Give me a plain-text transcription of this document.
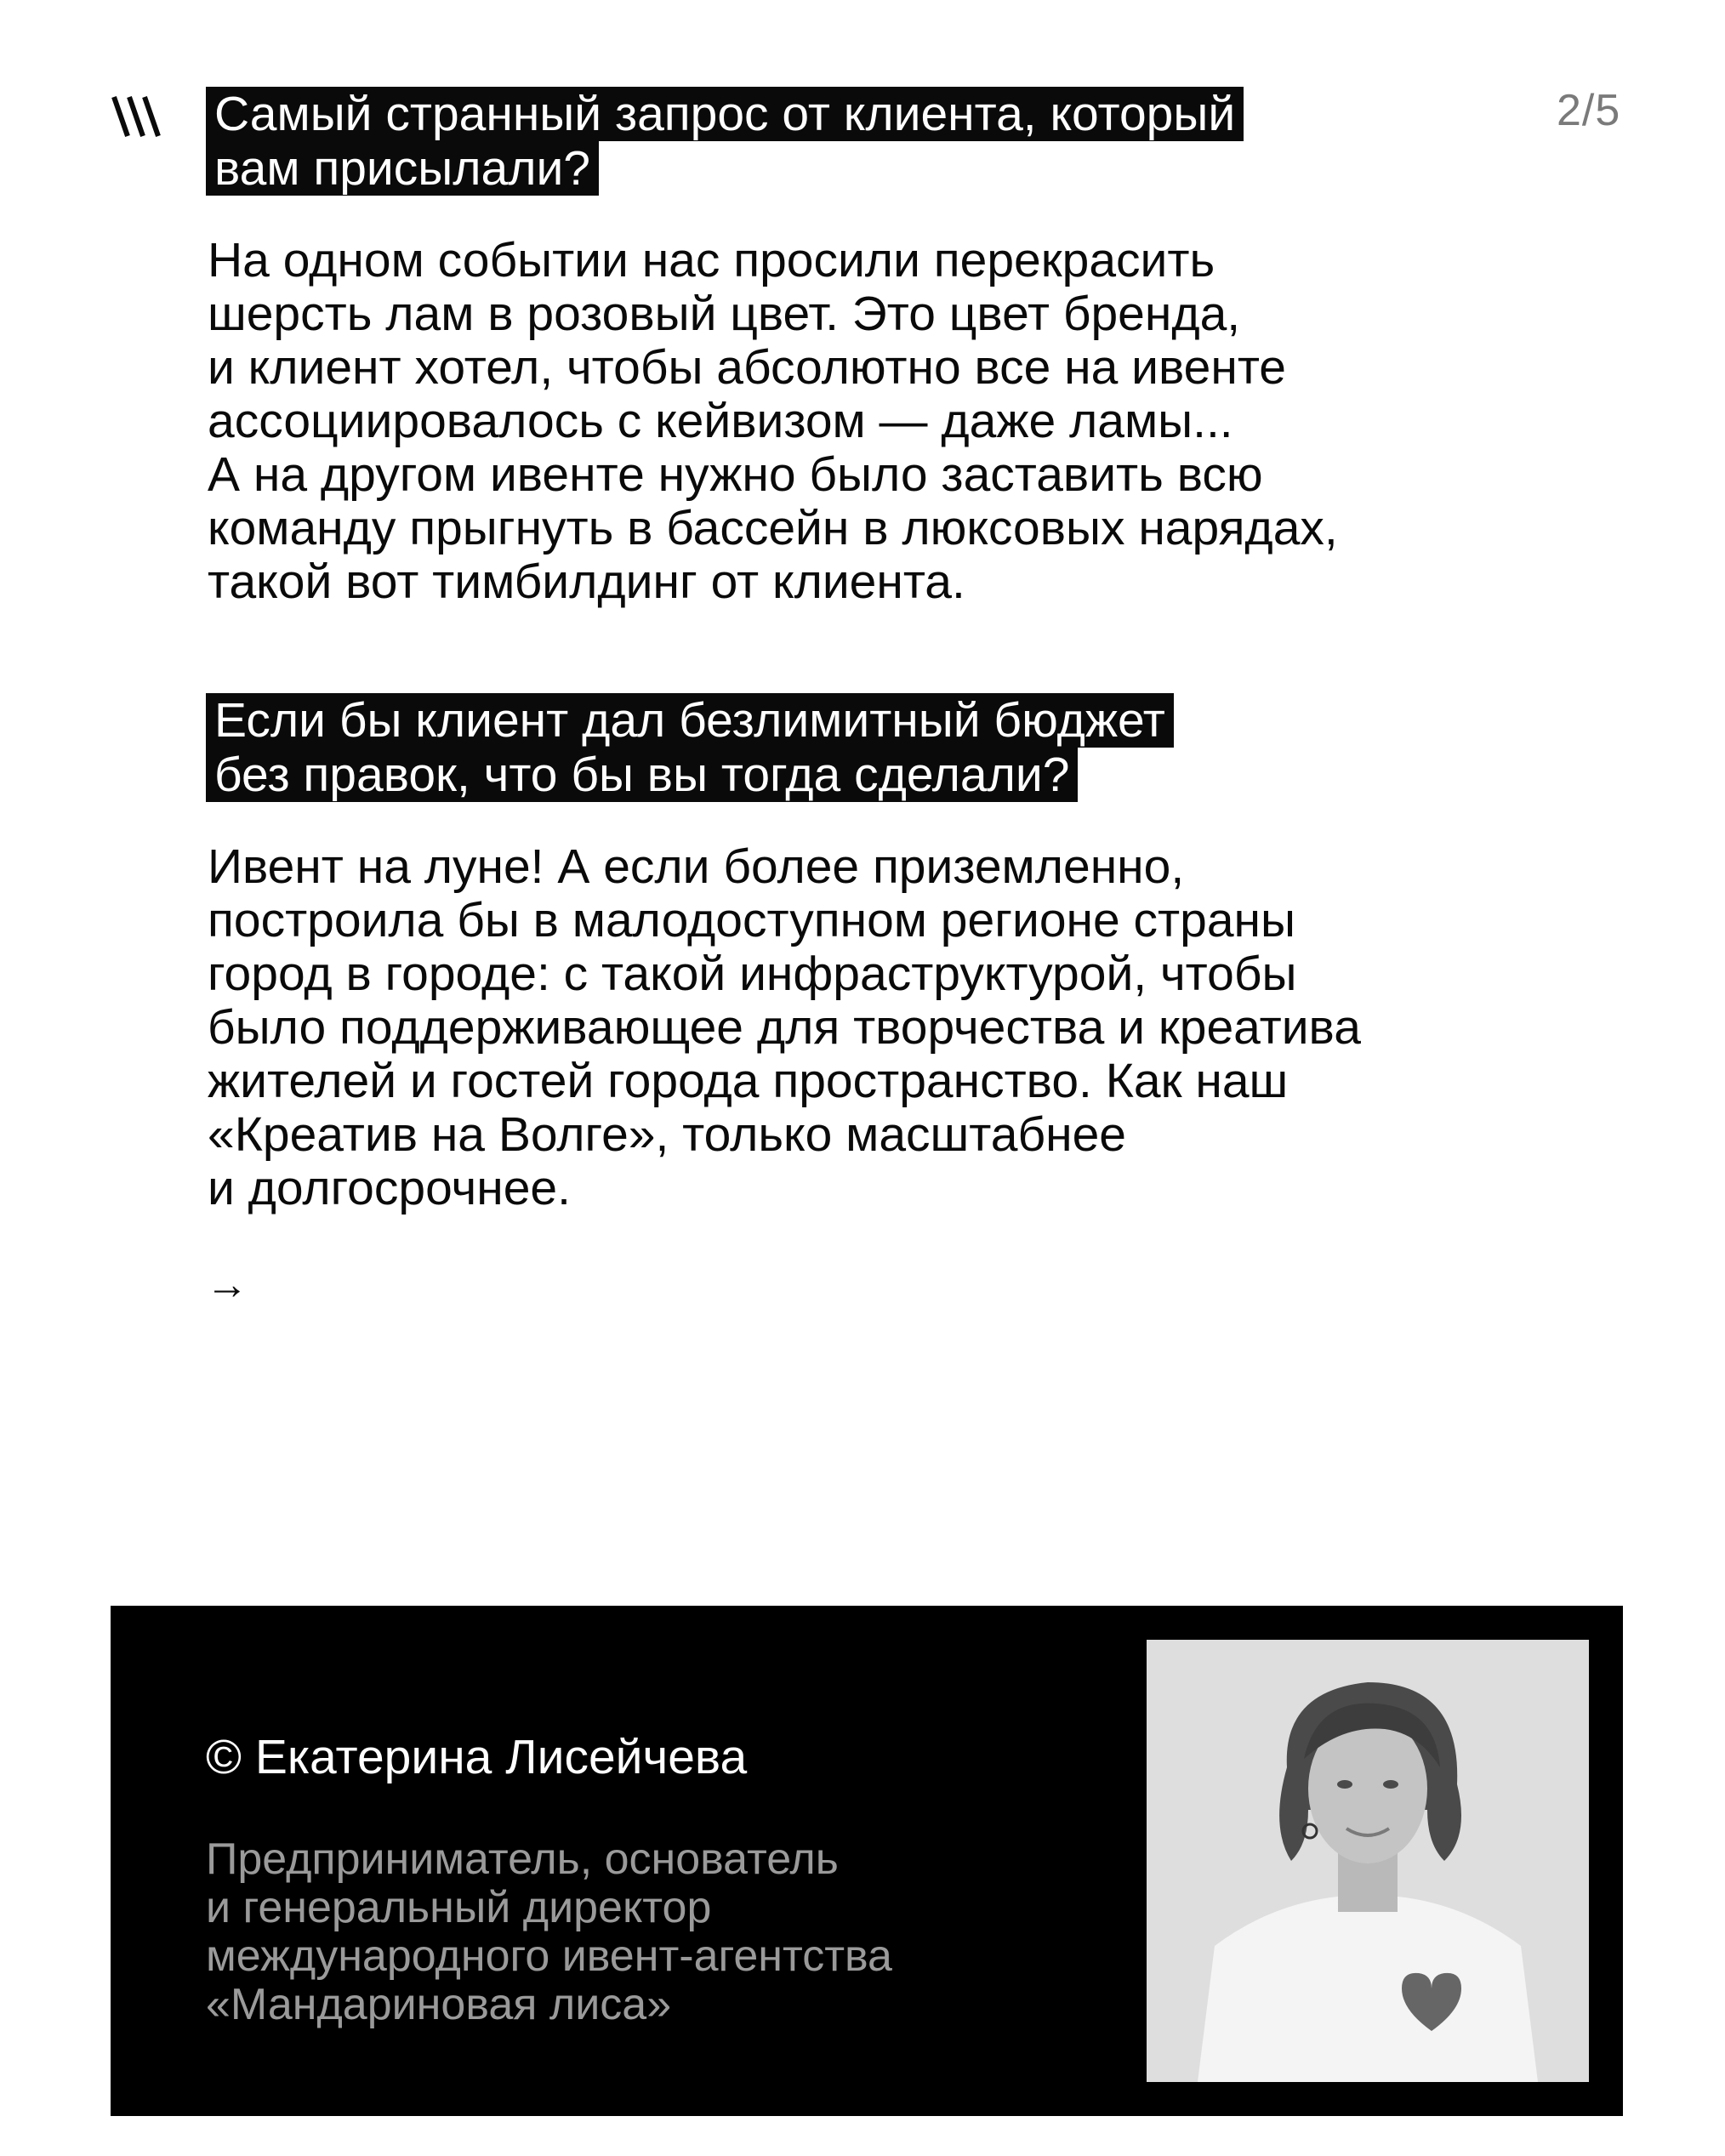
2/5

Самый странный запрос от клиента, который
вам присылали?

На одном событии нас просили перекрасить
шерсть лам в розовый цвет. Это цвет бренда,
и клиент хотел, чтобы абсолютно все на ивенте
ассоциировалось с кейвизом — даже ламы...
А на другом ивенте нужно было заставить всю
команду прыгнуть в бассейн в люксовых нарядах,
такой вот тимбилдинг от клиента.

Если бы клиент дал безлимитный бюджет
без правок, что бы вы тогда сделали?

Ивент на луне! А если более приземленно,
построила бы в малодоступном регионе страны
город в городе: с такой инфраструктурой, чтобы
было поддерживающее для творчества и креатива
жителей и гостей города пространство. Как наш
«Креатив на Волге», только масштабнее
и долгосрочнее.
→
© Екатерина Лисейчева
Предприниматель, основатель
и генеральный директор
международного ивент-агентства
«Мандариновая лиса»
